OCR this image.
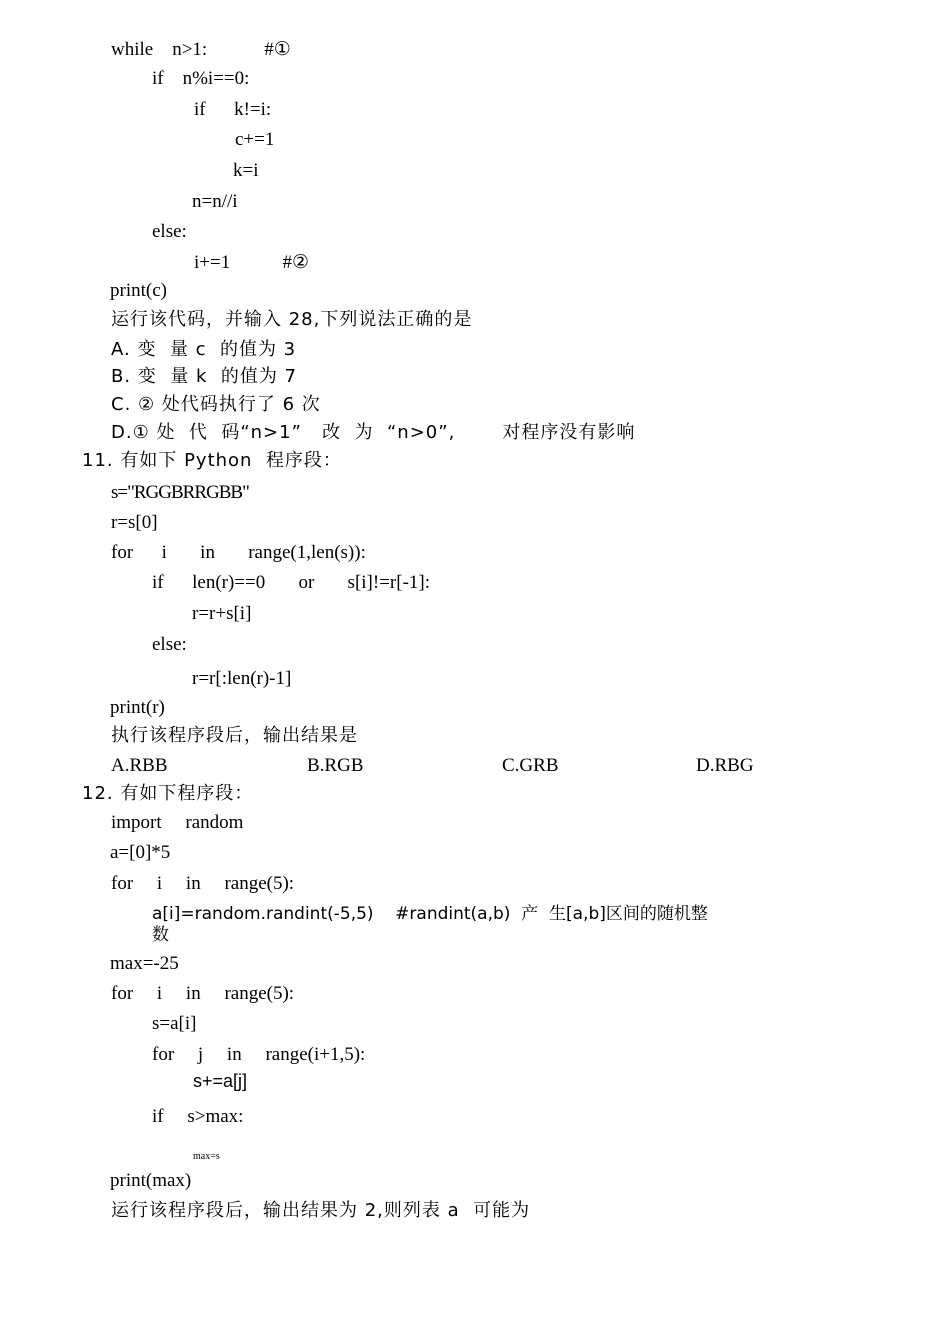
while    n>1:            #①
if    n%i==0:
if      k!=i:
c+=1
k=i
n=n//i
else:
i+=1           #②
print(c)
运行该代码，并输入 28,下列说法正确的是
A. 变  量 c  的值为 3
B. 变  量 k  的值为 7
C. ② 处代码执行了 6 次
D.① 处  代  码“n>1”   改  为  “n>0”,       对程序没有影响
11. 有如下 Python  程序段：
s="RGGBRRGBB"
r=s[0]
for      i       in       range(1,len(s)):
if      len(r)==0       or       s[i]!=r[-1]:
r=r+s[i]
else:
r=r[:len(r)-1]
print(r)
执行该程序段后，输出结果是
A.RBB	B.RGB	C.GRB	D.RBG
12. 有如下程序段：
import     random
a=[0]*5
for     i     in     range(5):
a[i]=random.randint(-5,5)    #randint(a,b)  产  生[a,b]区间的随机整
数
max=-25
for     i     in     range(5):
s=a[i]
for     j     in     range(i+1,5):
s+=a[j]
if     s>max:
max=s
print(max)
运行该程序段后，输出结果为 2,则列表 a  可能为
